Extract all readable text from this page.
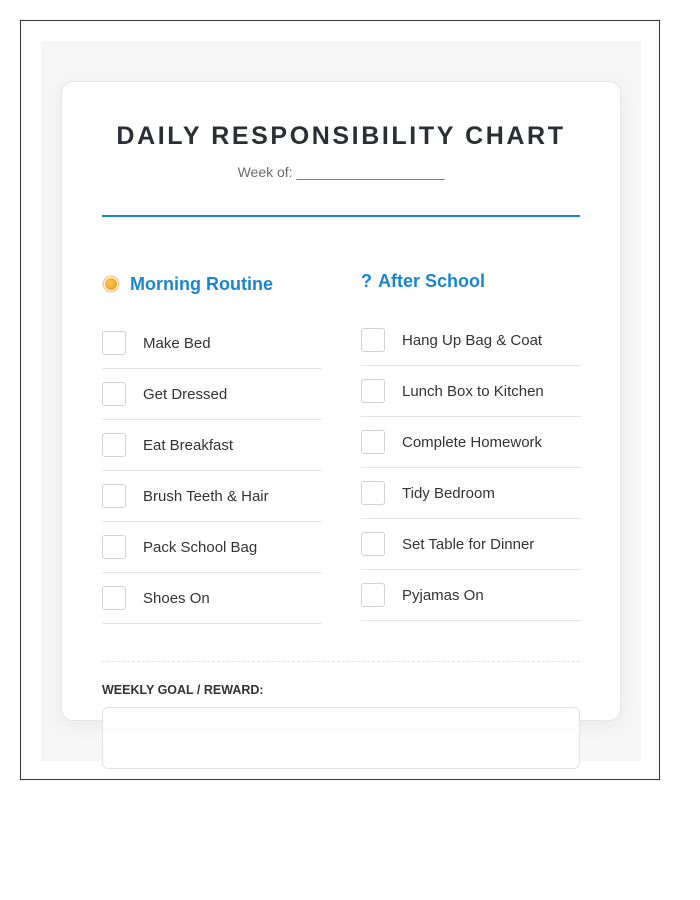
DAILY RESPONSIBILITY CHART
Week of: ___________________
Morning Routine
Make Bed
Get Dressed
Eat Breakfast
Brush Teeth & Hair
Pack School Bag
Shoes On
? After School
Hang Up Bag & Coat
Lunch Box to Kitchen
Complete Homework
Tidy Bedroom
Set Table for Dinner
Pyjamas On
WEEKLY GOAL / REWARD:
